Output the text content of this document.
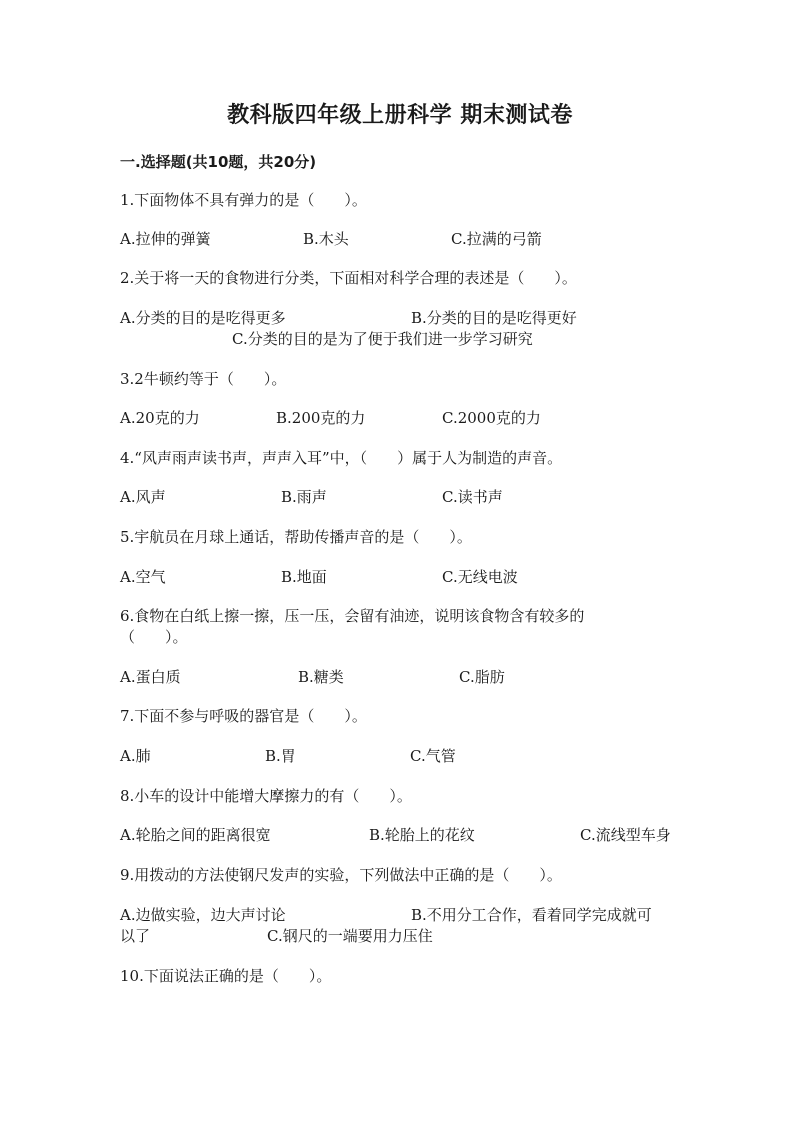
教科版四年级上册科学 期末测试卷
一.选择题(共10题，共20分)
1.下面物体不具有弹力的是（　　）。
A.拉伸的弹簧	B.木头	C.拉满的弓箭
2.关于将一天的食物进行分类，下面相对科学合理的表述是（　　）。
A.分类的目的是吃得更多	B.分类的目的是吃得更好
C.分类的目的是为了便于我们进一步学习研究
3.2牛顿约等于（　　）。
A.20克的力	B.200克的力	C.2000克的力
4.“风声雨声读书声，声声入耳”中，（　　）属于人为制造的声音。
A.风声	B.雨声	C.读书声
5.宇航员在月球上通话，帮助传播声音的是（　　）。
A.空气	B.地面	C.无线电波
6.食物在白纸上擦一擦，压一压，会留有油迹，说明该食物含有较多的
（　　）。
A.蛋白质	B.糖类	C.脂肪
7.下面不参与呼吸的器官是（　　）。
A.肺	B.胃	C.气管
8.小车的设计中能增大摩擦力的有（　　）。
A.轮胎之间的距离很宽	B.轮胎上的花纹	C.流线型车身
9.用拨动的方法使钢尺发声的实验，下列做法中正确的是（　　）。
A.边做实验，边大声讨论	B.不用分工合作，看着同学完成就可
以了	C.钢尺的一端要用力压住
10.下面说法正确的是（　　）。
